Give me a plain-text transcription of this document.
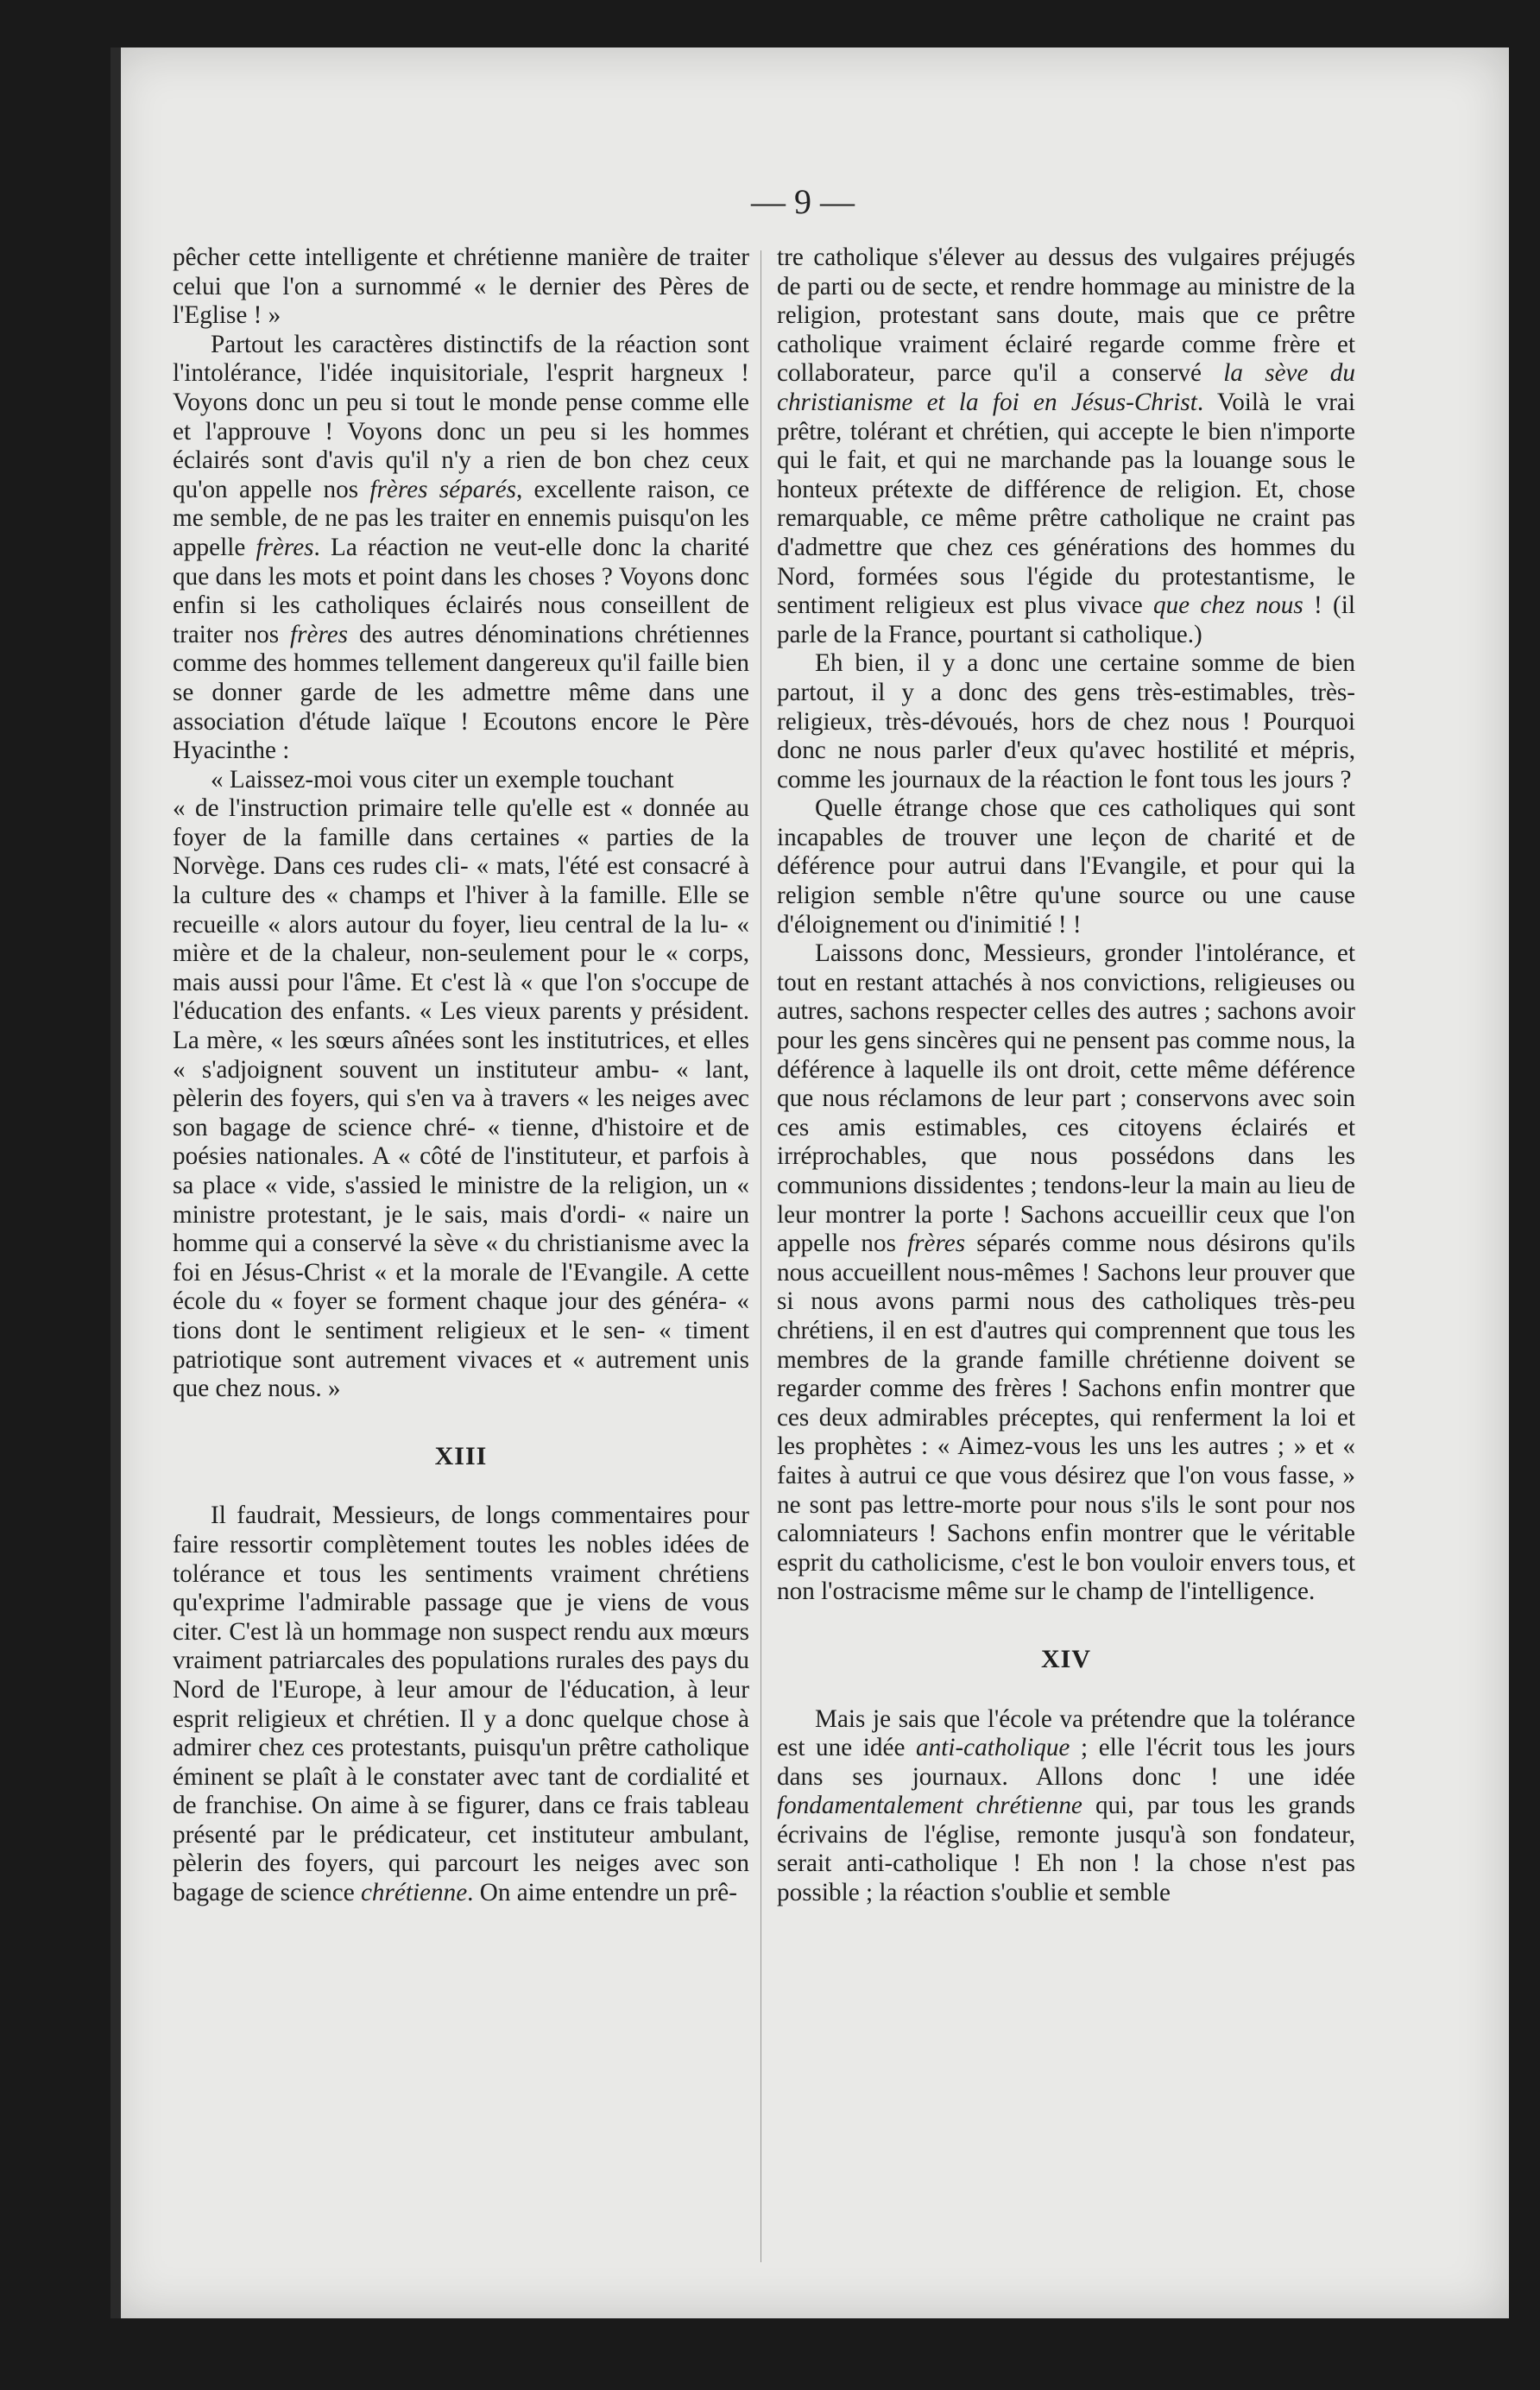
— 9 —

pêcher cette intelligente et chrétienne manière de traiter celui que l'on a surnommé « le dernier des Pères de l'Eglise ! »

Partout les caractères distinctifs de la réaction sont l'intolérance, l'idée inquisitoriale, l'esprit hargneux ! Voyons donc un peu si tout le monde pense comme elle et l'approuve ! Voyons donc un peu si les hommes éclairés sont d'avis qu'il n'y a rien de bon chez ceux qu'on appelle nos frères séparés, excellente raison, ce me semble, de ne pas les traiter en ennemis puisqu'on les appelle frères. La réaction ne veut-elle donc la charité que dans les mots et point dans les choses ? Voyons donc enfin si les catholiques éclairés nous conseillent de traiter nos frères des autres dénominations chrétiennes comme des hommes tellement dangereux qu'il faille bien se donner garde de les admettre même dans une association d'étude laïque ! Ecoutons encore le Père Hyacinthe :

« Laissez-moi vous citer un exemple touchant

« de l'instruction primaire telle qu'elle est « donnée au foyer de la famille dans certaines « parties de la Norvège. Dans ces rudes cli- « mats, l'été est consacré à la culture des « champs et l'hiver à la famille. Elle se recueille « alors autour du foyer, lieu central de la lu- « mière et de la chaleur, non-seulement pour le « corps, mais aussi pour l'âme. Et c'est là « que l'on s'occupe de l'éducation des enfants. « Les vieux parents y président. La mère, « les sœurs aînées sont les institutrices, et elles « s'adjoignent souvent un instituteur ambu- « lant, pèlerin des foyers, qui s'en va à travers « les neiges avec son bagage de science chré- « tienne, d'histoire et de poésies nationales. A « côté de l'instituteur, et parfois à sa place « vide, s'assied le ministre de la religion, un « ministre protestant, je le sais, mais d'ordi- « naire un homme qui a conservé la sève « du christianisme avec la foi en Jésus-Christ « et la morale de l'Evangile. A cette école du « foyer se forment chaque jour des généra- « tions dont le sentiment religieux et le sen- « timent patriotique sont autrement vivaces et « autrement unis que chez nous. »

XIII

Il faudrait, Messieurs, de longs commentaires pour faire ressortir complètement toutes les nobles idées de tolérance et tous les sentiments vraiment chrétiens qu'exprime l'admirable passage que je viens de vous citer. C'est là un hommage non suspect rendu aux mœurs vraiment patriarcales des populations rurales des pays du Nord de l'Europe, à leur amour de l'éducation, à leur esprit religieux et chrétien. Il y a donc quelque chose à admirer chez ces protestants, puisqu'un prêtre catholique éminent se plaît à le constater avec tant de cordialité et de franchise. On aime à se figurer, dans ce frais tableau présenté par le prédicateur, cet instituteur ambulant, pèlerin des foyers, qui parcourt les neiges avec son bagage de science chrétienne. On aime entendre un prê-

tre catholique s'élever au dessus des vulgaires préjugés de parti ou de secte, et rendre hommage au ministre de la religion, protestant sans doute, mais que ce prêtre catholique vraiment éclairé regarde comme frère et collaborateur, parce qu'il a conservé la sève du christianisme et la foi en Jésus-Christ. Voilà le vrai prêtre, tolérant et chrétien, qui accepte le bien n'importe qui le fait, et qui ne marchande pas la louange sous le honteux prétexte de différence de religion. Et, chose remarquable, ce même prêtre catholique ne craint pas d'admettre que chez ces générations des hommes du Nord, formées sous l'égide du protestantisme, le sentiment religieux est plus vivace que chez nous ! (il parle de la France, pourtant si catholique.)

Eh bien, il y a donc une certaine somme de bien partout, il y a donc des gens très-estimables, très-religieux, très-dévoués, hors de chez nous ! Pourquoi donc ne nous parler d'eux qu'avec hostilité et mépris, comme les journaux de la réaction le font tous les jours ?

Quelle étrange chose que ces catholiques qui sont incapables de trouver une leçon de charité et de déférence pour autrui dans l'Evangile, et pour qui la religion semble n'être qu'une source ou une cause d'éloignement ou d'inimitié ! !

Laissons donc, Messieurs, gronder l'intolérance, et tout en restant attachés à nos convictions, religieuses ou autres, sachons respecter celles des autres ; sachons avoir pour les gens sincères qui ne pensent pas comme nous, la déférence à laquelle ils ont droit, cette même déférence que nous réclamons de leur part ; conservons avec soin ces amis estimables, ces citoyens éclairés et irréprochables, que nous possédons dans les communions dissidentes ; tendons-leur la main au lieu de leur montrer la porte ! Sachons accueillir ceux que l'on appelle nos frères séparés comme nous désirons qu'ils nous accueillent nous-mêmes ! Sachons leur prouver que si nous avons parmi nous des catholiques très-peu chrétiens, il en est d'autres qui comprennent que tous les membres de la grande famille chrétienne doivent se regarder comme des frères ! Sachons enfin montrer que ces deux admirables préceptes, qui renferment la loi et les prophètes : « Aimez-vous les uns les autres ; » et « faites à autrui ce que vous désirez que l'on vous fasse, » ne sont pas lettre-morte pour nous s'ils le sont pour nos calomniateurs ! Sachons enfin montrer que le véritable esprit du catholicisme, c'est le bon vouloir envers tous, et non l'ostracisme même sur le champ de l'intelligence.

XIV

Mais je sais que l'école va prétendre que la tolérance est une idée anti-catholique ; elle l'écrit tous les jours dans ses journaux. Allons donc ! une idée fondamentalement chrétienne qui, par tous les grands écrivains de l'église, remonte jusqu'à son fondateur, serait anti-catholique ! Eh non ! la chose n'est pas possible ; la réaction s'oublie et semble
